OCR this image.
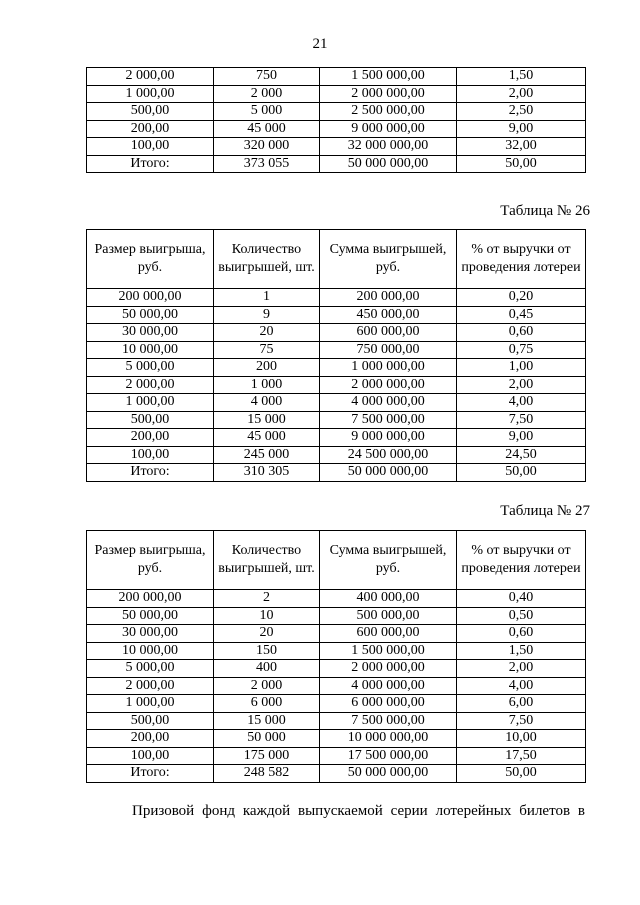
21
2 000,00	750	1 500 000,00	1,50
1 000,00	2 000	2 000 000,00	2,00
500,00	5 000	2 500 000,00	2,50
200,00	45 000	9 000 000,00	9,00
100,00	320 000	32 000 000,00	32,00
Итого:	373 055	50 000 000,00	50,00
Таблица № 26
Размер выигрыша, руб.	Количество выигрышей, шт.	Сумма выигрышей, руб.	% от выручки от проведения лотереи
200 000,00	1	200 000,00	0,20
50 000,00	9	450 000,00	0,45
30 000,00	20	600 000,00	0,60
10 000,00	75	750 000,00	0,75
5 000,00	200	1 000 000,00	1,00
2 000,00	1 000	2 000 000,00	2,00
1 000,00	4 000	4 000 000,00	4,00
500,00	15 000	7 500 000,00	7,50
200,00	45 000	9 000 000,00	9,00
100,00	245 000	24 500 000,00	24,50
Итого:	310 305	50 000 000,00	50,00
Таблица № 27
Размер выигрыша, руб.	Количество выигрышей, шт.	Сумма выигрышей, руб.	% от выручки от проведения лотереи
200 000,00	2	400 000,00	0,40
50 000,00	10	500 000,00	0,50
30 000,00	20	600 000,00	0,60
10 000,00	150	1 500 000,00	1,50
5 000,00	400	2 000 000,00	2,00
2 000,00	2 000	4 000 000,00	4,00
1 000,00	6 000	6 000 000,00	6,00
500,00	15 000	7 500 000,00	7,50
200,00	50 000	10 000 000,00	10,00
100,00	175 000	17 500 000,00	17,50
Итого:	248 582	50 000 000,00	50,00
Призовой фонд каждой выпускаемой серии лотерейных билетов в
